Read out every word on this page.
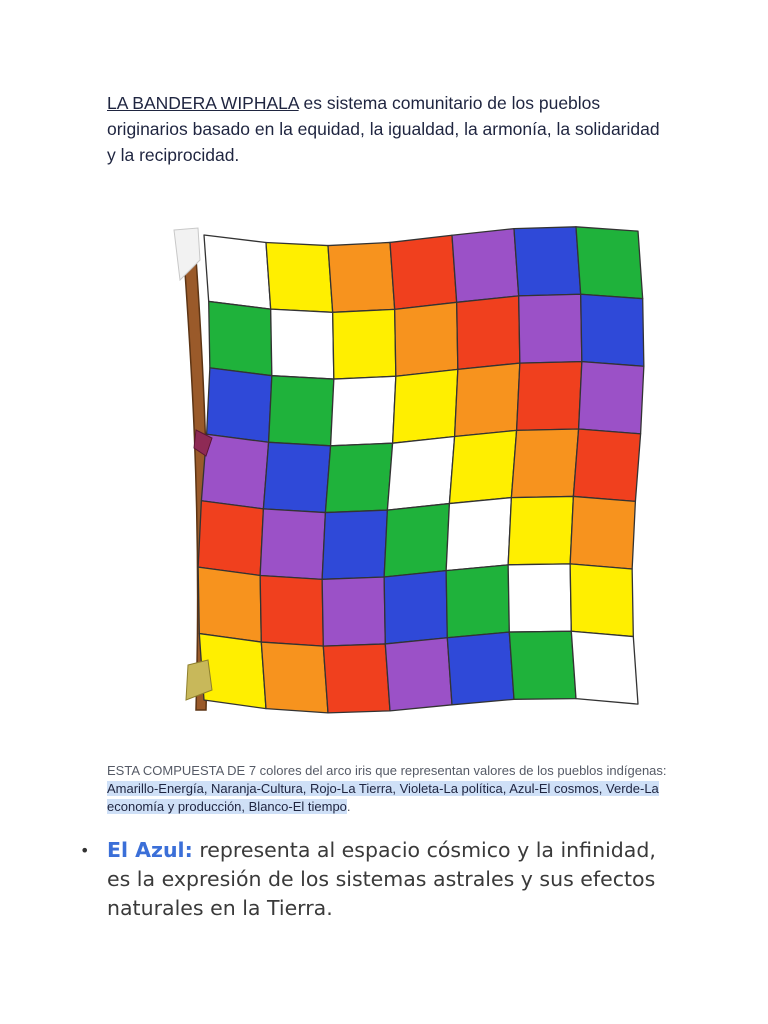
LA BANDERA WIPHALA es sistema comunitario de los pueblos originarios basado en la equidad, la igualdad, la armonía, la solidaridad y la reciprocidad.

ESTA COMPUESTA DE 7 colores del arco iris que representan valores de los pueblos indígenas: Amarillo-Energía, Naranja-Cultura, Rojo-La Tierra, Violeta-La política, Azul-El cosmos, Verde-La economía y producción, Blanco-El tiempo.

• El Azul: representa al espacio cósmico y la infinidad, es la expresión de los sistemas astrales y sus efectos naturales en la Tierra.
